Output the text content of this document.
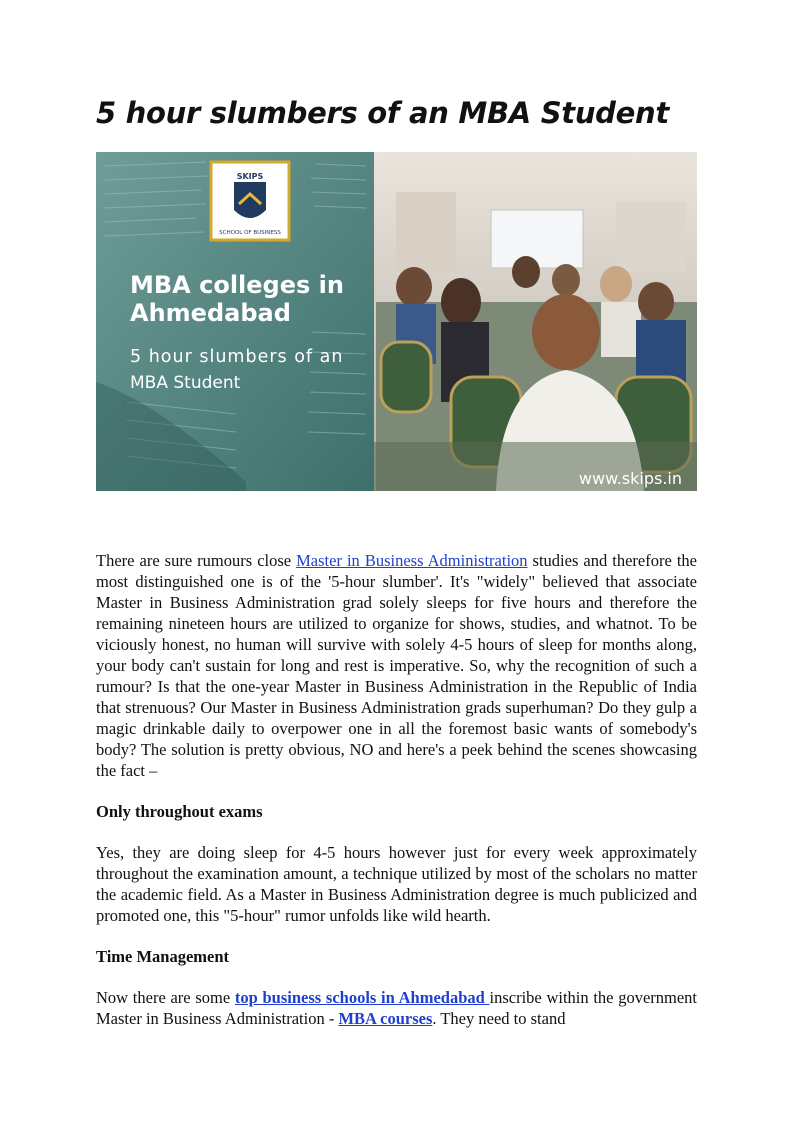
5 hour slumbers of an MBA Student
SKIPS
SCHOOL OF BUSINESS
MBA colleges in
Ahmedabad
5 hour slumbers of an
MBA Student
www.skips.in

There are sure rumours close Master in Business Administration studies and therefore the most distinguished one is of the '5-hour slumber'. It's "widely" believed that associate Master in Business Administration grad solely sleeps for five hours and therefore the remaining nineteen hours are utilized to organize for shows, studies, and whatnot. To be viciously honest, no human will survive with solely 4-5 hours of sleep for months along, your body can't sustain for long and rest is imperative. So, why the recognition of such a rumour? Is that the one-year Master in Business Administration in the Republic of India that strenuous? Our Master in Business Administration grads superhuman? Do they gulp a magic drinkable daily to overpower one in all the foremost basic wants of somebody's body? The solution is pretty obvious, NO and here's a peek behind the scenes showcasing the fact –

Only throughout exams

Yes, they are doing sleep for 4-5 hours however just for every week approximately throughout the examination amount, a technique utilized by most of the scholars no matter the academic field. As a Master in Business Administration degree is much publicized and promoted one, this "5-hour" rumor unfolds like wild hearth.

Time Management

Now there are some top business schools in Ahmedabad inscribe within the government Master in Business Administration - MBA courses. They need to stand
